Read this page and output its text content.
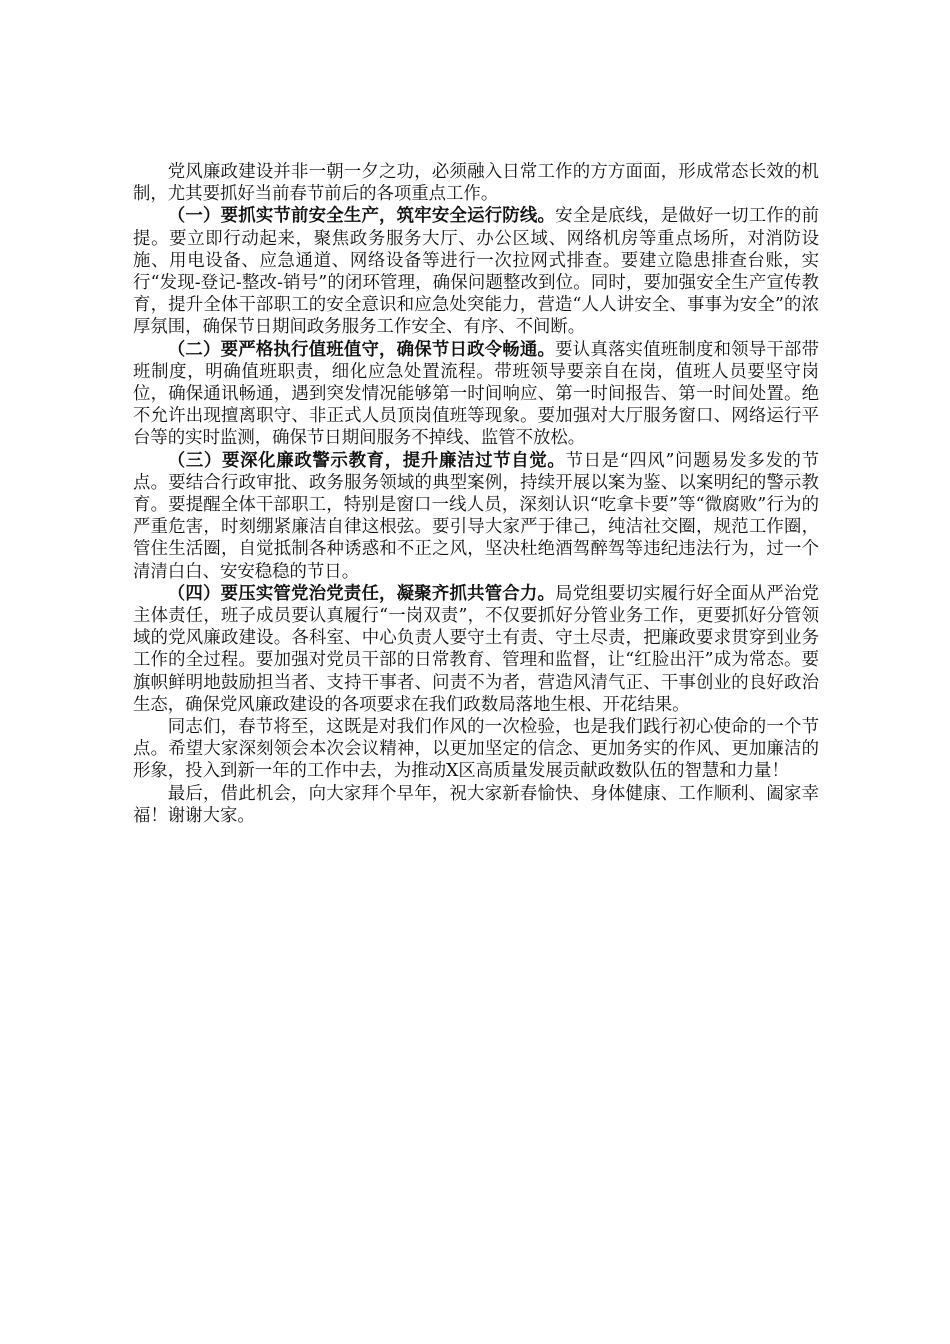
党风廉政建设并非一朝一夕之功，必须融入日常工作的方方面面，形成常态长效的机制，尤其要抓好当前春节前后的各项重点工作。

（一）要抓实节前安全生产，筑牢安全运行防线。安全是底线，是做好一切工作的前提。要立即行动起来，聚焦政务服务大厅、办公区域、网络机房等重点场所，对消防设施、用电设备、应急通道、网络设备等进行一次拉网式排查。要建立隐患排查台账，实行“发现-登记-整改-销号”的闭环管理，确保问题整改到位。同时，要加强安全生产宣传教育，提升全体干部职工的安全意识和应急处突能力，营造“人人讲安全、事事为安全”的浓厚氛围，确保节日期间政务服务工作安全、有序、不间断。

（二）要严格执行值班值守，确保节日政令畅通。要认真落实值班制度和领导干部带班制度，明确值班职责，细化应急处置流程。带班领导要亲自在岗，值班人员要坚守岗位，确保通讯畅通，遇到突发情况能够第一时间响应、第一时间报告、第一时间处置。绝不允许出现擅离职守、非正式人员顶岗值班等现象。要加强对大厅服务窗口、网络运行平台等的实时监测，确保节日期间服务不掉线、监管不放松。

（三）要深化廉政警示教育，提升廉洁过节自觉。节日是“四风”问题易发多发的节点。要结合行政审批、政务服务领域的典型案例，持续开展以案为鉴、以案明纪的警示教育。要提醒全体干部职工，特别是窗口一线人员，深刻认识“吃拿卡要”等“微腐败”行为的严重危害，时刻绷紧廉洁自律这根弦。要引导大家严于律己，纯洁社交圈，规范工作圈，管住生活圈，自觉抵制各种诱惑和不正之风，坚决杜绝酒驾醉驾等违纪违法行为，过一个清清白白、安安稳稳的节日。

（四）要压实管党治党责任，凝聚齐抓共管合力。局党组要切实履行好全面从严治党主体责任，班子成员要认真履行“一岗双责”，不仅要抓好分管业务工作，更要抓好分管领域的党风廉政建设。各科室、中心负责人要守土有责、守土尽责，把廉政要求贯穿到业务工作的全过程。要加强对党员干部的日常教育、管理和监督，让“红脸出汗”成为常态。要旗帜鲜明地鼓励担当者、支持干事者、问责不为者，营造风清气正、干事创业的良好政治生态，确保党风廉政建设的各项要求在我们政数局落地生根、开花结果。

同志们，春节将至，这既是对我们作风的一次检验，也是我们践行初心使命的一个节点。希望大家深刻领会本次会议精神，以更加坚定的信念、更加务实的作风、更加廉洁的形象，投入到新一年的工作中去，为推动X区高质量发展贡献政数队伍的智慧和力量！

最后，借此机会，向大家拜个早年，祝大家新春愉快、身体健康、工作顺利、阖家幸福！谢谢大家。
